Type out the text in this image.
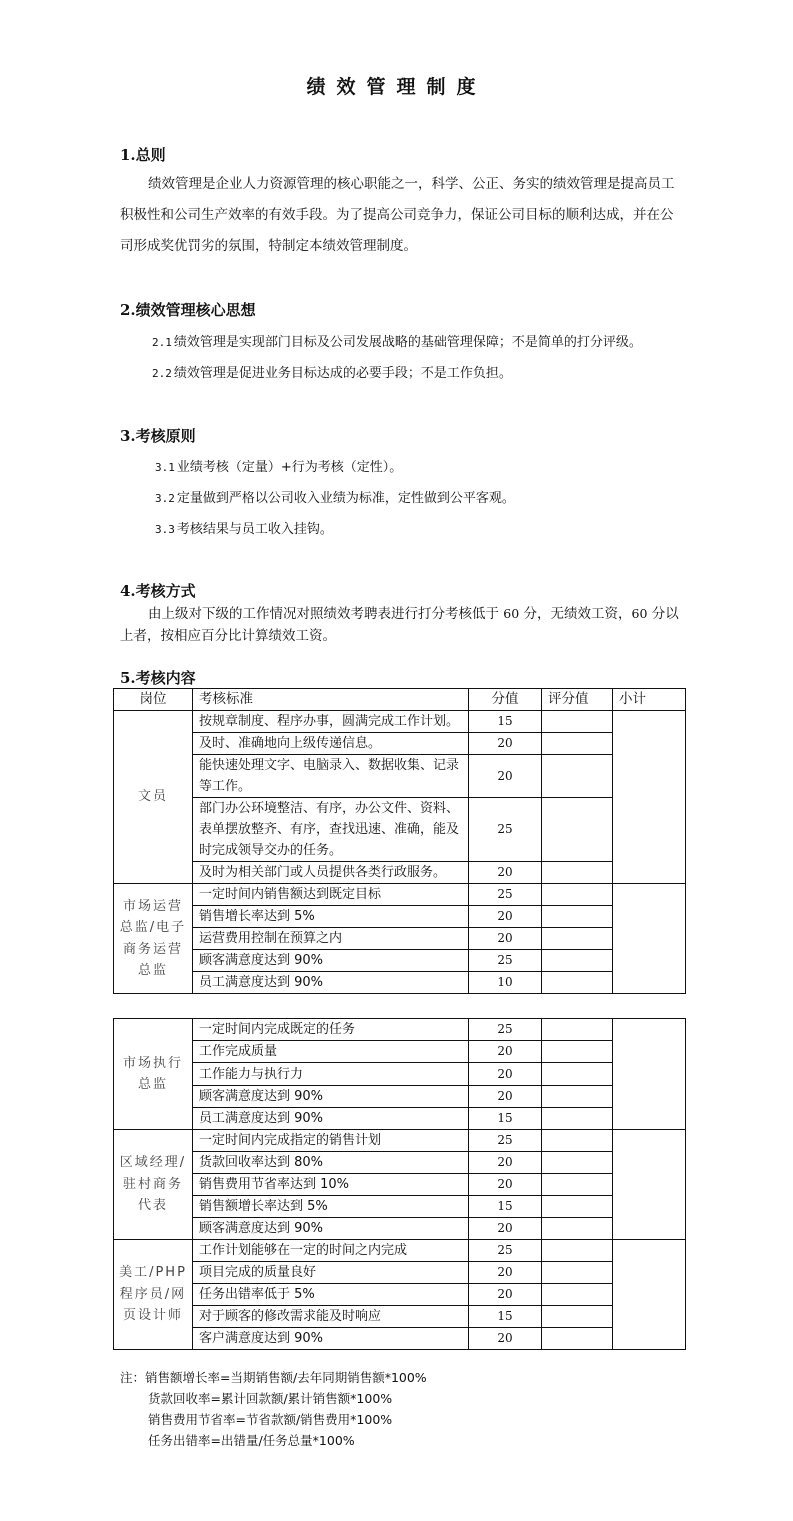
绩效管理制度
1.总则
绩效管理是企业人力资源管理的核心职能之一，科学、公正、务实的绩效管理是提高员工积极性和公司生产效率的有效手段。为了提高公司竞争力，保证公司目标的顺利达成，并在公司形成奖优罚劣的氛围，特制定本绩效管理制度。
2.绩效管理核心思想
2.1 绩效管理是实现部门目标及公司发展战略的基础管理保障；不是简单的打分评级。
2.2 绩效管理是促进业务目标达成的必要手段；不是工作负担。
3.考核原则
3.1 业绩考核（定量）+行为考核（定性）。
3.2 定量做到严格以公司收入业绩为标准，定性做到公平客观。
3.3 考核结果与员工收入挂钩。
4.考核方式
由上级对下级的工作情况对照绩效考聘表进行打分考核低于 60 分，无绩效工资，60 分以上者，按相应百分比计算绩效工资。
5.考核内容
岗位	考核标准	分值	评分值	小计
文员	按规章制度、程序办事，圆满完成工作计划。	15		
	及时、准确地向上级传递信息。	20		
	能快速处理文字、电脑录入、数据收集、记录等工作。	20		
	部门办公环境整洁、有序，办公文件、资料、表单摆放整齐、有序，查找迅速、准确，能及时完成领导交办的任务。	25		
	及时为相关部门或人员提供各类行政服务。	20		
市场运营总监/电子商务运营总监	一定时间内销售额达到既定目标	25		
	销售增长率达到 5%	20		
	运营费用控制在预算之内	20		
	顾客满意度达到 90%	25		
	员工满意度达到 90%	10		
市场执行总监	一定时间内完成既定的任务	25		
	工作完成质量	20		
	工作能力与执行力	20		
	顾客满意度达到 90%	20		
	员工满意度达到 90%	15		
区域经理/驻村商务代表	一定时间内完成指定的销售计划	25		
	货款回收率达到 80%	20		
	销售费用节省率达到 10%	20		
	销售额增长率达到 5%	15		
	顾客满意度达到 90%	20		
美工/PHP 程序员/网页设计师	工作计划能够在一定的时间之内完成	25		
	项目完成的质量良好	20		
	任务出错率低于 5%	20		
	对于顾客的修改需求能及时响应	15		
	客户满意度达到 90%	20		
注：销售额增长率=当期销售额/去年同期销售额*100%
货款回收率=累计回款额/累计销售额*100%
销售费用节省率=节省款额/销售费用*100%
任务出错率=出错量/任务总量*100%
